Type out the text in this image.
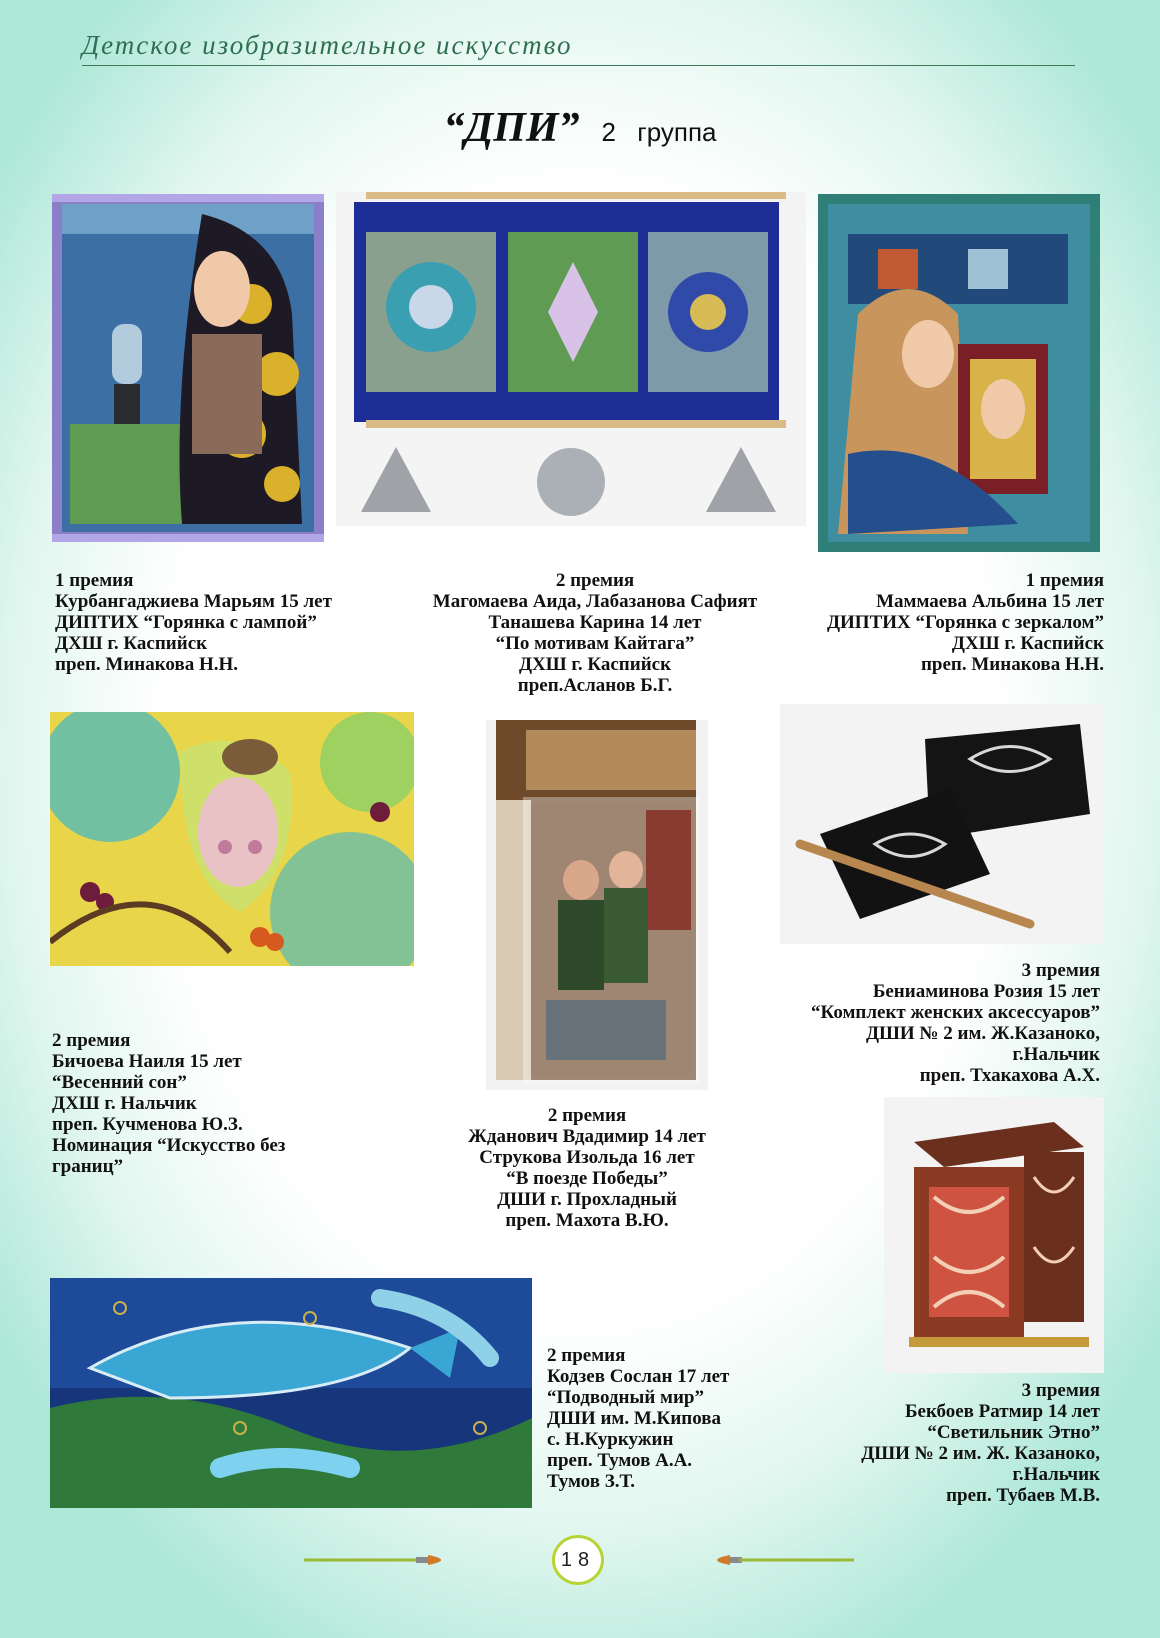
Детское изобразительное искусство
“ДПИ” 2 группа
1 премия
Курбангаджиева Марьям 15 лет
ДИПТИХ “Горянка с лампой”
ДХШ г. Каспийск
преп. Минакова Н.Н.
2 премия
Магомаева Аида, Лабазанова Сафият
Танашева Карина 14 лет
“По мотивам Кайтага”
ДХШ г. Каспийск
преп.Асланов Б.Г.
1 премия
Маммаева Альбина 15 лет
ДИПТИХ “Горянка с зеркалом”
ДХШ г. Каспийск
преп. Минакова Н.Н.
2 премия
Бичоева Наиля 15 лет
“Весенний сон”
ДХШ г. Нальчик
преп. Кучменова Ю.З.
Номинация “Искусство без
границ”
2 премия
Жданович Вдадимир 14 лет
Струкова Изольда 16 лет
“В поезде Победы”
ДШИ г. Прохладный
преп. Махота В.Ю.
3 премия
Бениаминова Розия 15 лет
“Комплект женских аксессуаров”
ДШИ № 2 им. Ж.Казаноко,
г.Нальчик
преп. Тхакахова А.Х.
2 премия
Кодзев Сослан 17 лет
“Подводный мир”
ДШИ им. М.Кипова
с. Н.Куркужин
преп. Тумов А.А.
Тумов З.Т.
3 премия
Бекбоев Ратмир 14 лет
“Светильник Этно”
ДШИ № 2 им. Ж. Казаноко,
г.Нальчик
преп. Тубаев М.В.
18
